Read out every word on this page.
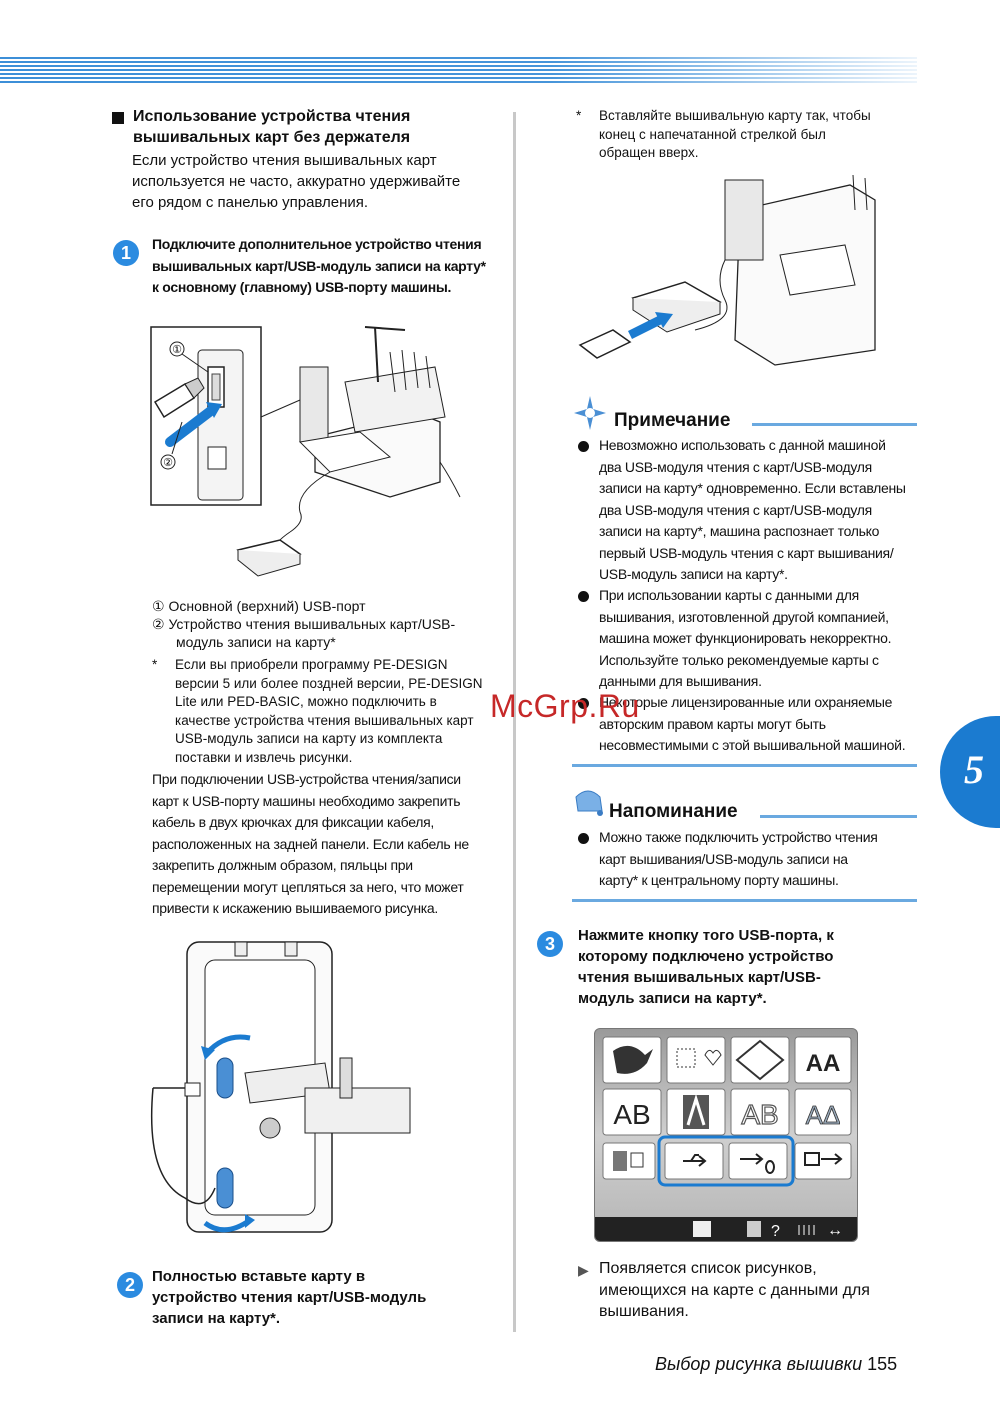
Использование устройства чтения вышивальных карт без держателя
Если устройство чтения вышивальных карт
используется не часто, аккуратно удерживайте
его рядом с панелью управления.
1	Подключите дополнительное устройство чтения
вышивальных карт/USB-модуль записи на карту*
к основному (главному) USB-порту машины.
①
②
① Основной (верхний) USB-порт
② Устройство чтения вышивальных карт/USB-
модуль записи на карту*
* Если вы приобрели программу PE-DESIGN
версии 5 или более поздней версии, PE-DESIGN
Lite или PED-BASIC, можно подключить в
качестве устройства чтения вышивальных карт
USB-модуль записи на карту из комплекта
поставки и извлечь рисунки.
При подключении USB-устройства чтения/записи
карт к USB-порту машины необходимо закрепить
кабель в двух крючках для фиксации кабеля,
расположенных на задней панели. Если кабель не
закрепить должным образом, пяльцы при
перемещении могут цепляться за него, что может
привести к искажению вышиваемого рисунка.
2	Полностью вставьте карту в
устройство чтения карт/USB-модуль
записи на карту*.
* Вставляйте вышивальную карту так, чтобы
конец с напечатанной стрелкой был
обращен вверх.
Примечание
Невозможно использовать с данной машиной
два USB-модуля чтения с карт/USB-модуля
записи на карту* одновременно. Если вставлены
два USB-модуля чтения с карт/USB-модуля
записи на карту*, машина распознает только
первый USB-модуль чтения с карт вышивания/
USB-модуль записи на карту*.
При использовании карты с данными для
вышивания, изготовленной другой компанией,
машина может функционировать некорректно.
Используйте только рекомендуемые карты с
данными для вышивания.
Некоторые лицензированные или охраняемые
авторским правом карты могут быть
несовместимыми с этой вышивальной машиной.
Напоминание
Можно также подключить устройство чтения
карт вышивания/USB-модуль записи на
карту* к центральному порту машины.
3	Нажмите кнопку того USB-порта, к
которому подключено устройство
чтения вышивальных карт/USB-
модуль записи на карту*.
AA
AB	AB AΔ
?	↔
▶ Появляется список рисунков,
имеющихся на карте с данными для
вышивания.
5
McGrp.Ru
Выбор рисунка вышивки 155
